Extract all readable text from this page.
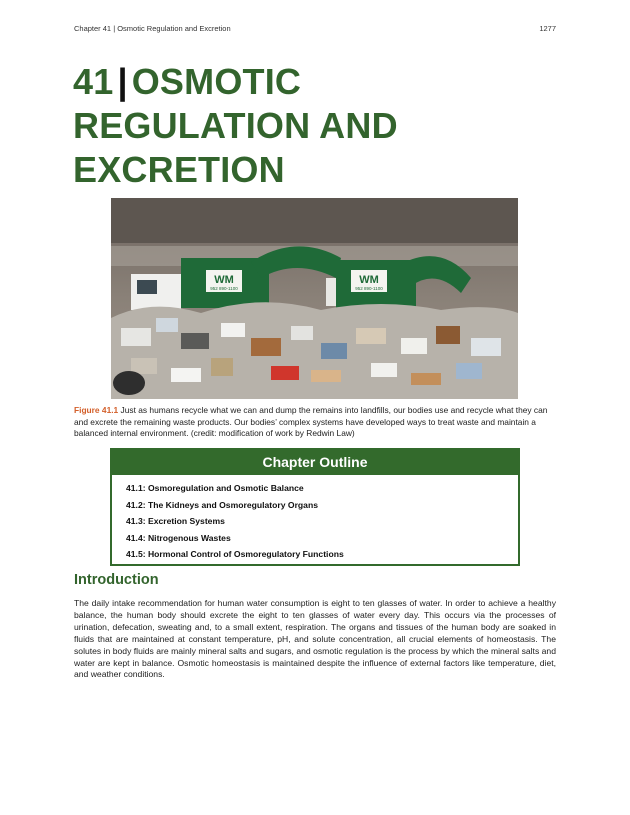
Chapter 41 | Osmotic Regulation and Excretion	1277
41 | OSMOTIC
REGULATION AND
EXCRETION
WM
952 890-1100
WM
952 890-1100
Figure 41.1 Just as humans recycle what we can and dump the remains into landfills, our bodies use and recycle what they can and excrete the remaining waste products. Our bodies’ complex systems have developed ways to treat waste and maintain a balanced internal environment. (credit: modification of work by Redwin Law)
Chapter Outline
41.1: Osmoregulation and Osmotic Balance
41.2: The Kidneys and Osmoregulatory Organs
41.3: Excretion Systems
41.4: Nitrogenous Wastes
41.5: Hormonal Control of Osmoregulatory Functions
Introduction
The daily intake recommendation for human water consumption is eight to ten glasses of water. In order to achieve a healthy balance, the human body should excrete the eight to ten glasses of water every day. This occurs via the processes of urination, defecation, sweating and, to a small extent, respiration. The organs and tissues of the human body are soaked in fluids that are maintained at constant temperature, pH, and solute concentration, all crucial elements of homeostasis. The solutes in body fluids are mainly mineral salts and sugars, and osmotic regulation is the process by which the mineral salts and water are kept in balance. Osmotic homeostasis is maintained despite the influence of external factors like temperature, diet, and weather conditions.
